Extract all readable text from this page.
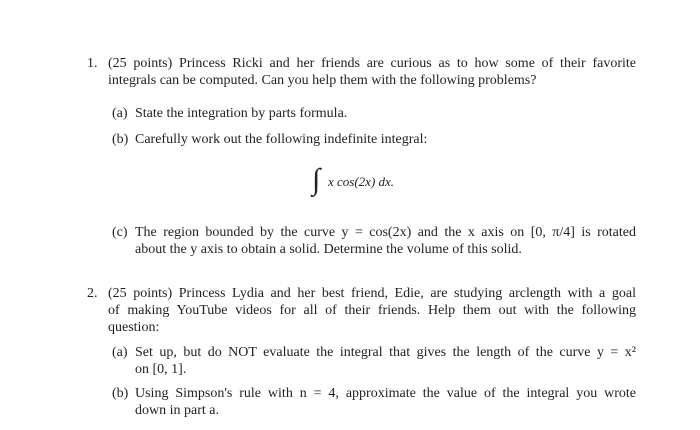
1. (25 points) Princess Ricki and her friends are curious as to how some of their favorite
integrals can be computed. Can you help them with the following problems?
(a) State the integration by parts formula.
(b) Carefully work out the following indefinite integral:
∫ x cos(2x) dx.
(c) The region bounded by the curve y = cos(2x) and the x axis on [0, π/4] is rotated
about the y axis to obtain a solid. Determine the volume of this solid.
2. (25 points) Princess Lydia and her best friend, Edie, are studying arclength with a goal
of making YouTube videos for all of their friends. Help them out with the following
question:
(a) Set up, but do NOT evaluate the integral that gives the length of the curve y = x²
on [0, 1].
(b) Using Simpson's rule with n = 4, approximate the value of the integral you wrote
down in part a.
